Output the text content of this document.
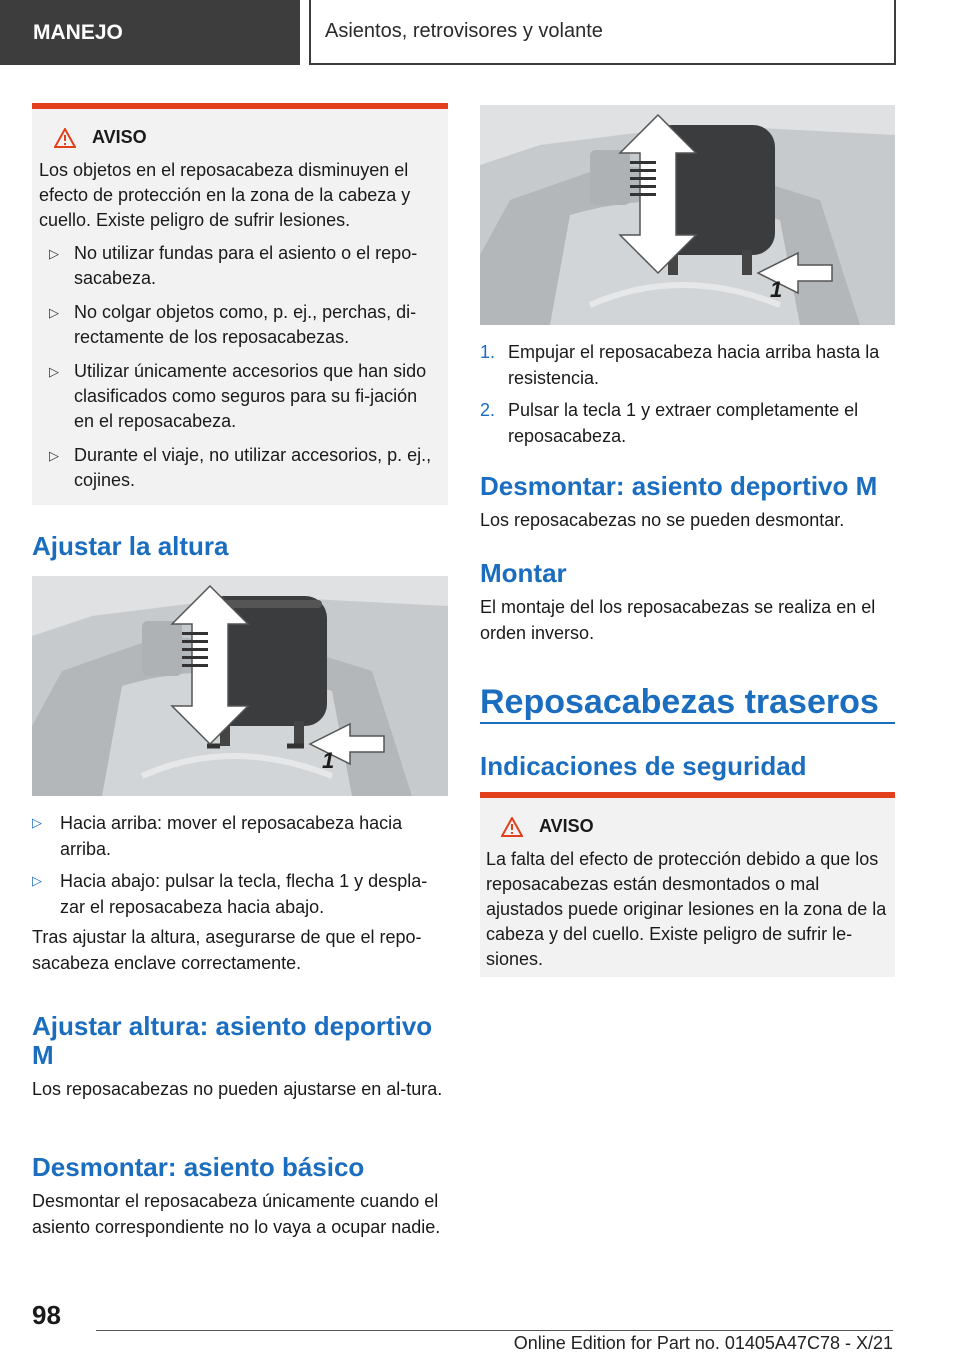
MANEJO	Asientos, retrovisores y volante
AVISO

Los objetos en el reposacabeza disminuyen el efecto de protección en la zona de la cabeza y cuello. Existe peligro de sufrir lesiones.

▷ No utilizar fundas para el asiento o el repo-sacabeza.
▷ No colgar objetos como, p. ej., perchas, di-rectamente de los reposacabezas.
▷ Utilizar únicamente accesorios que han sido clasificados como seguros para su fi-jación en el reposacabeza.
▷ Durante el viaje, no utilizar accesorios, p. ej., cojines.
Ajustar la altura
1
▷ Hacia arriba: mover el reposacabeza hacia arriba.
▷ Hacia abajo: pulsar la tecla, flecha 1 y despla-zar el reposacabeza hacia abajo.
Tras ajustar la altura, asegurarse de que el repo-sacabeza enclave correctamente.
Ajustar altura: asiento deportivo M
Los reposacabezas no pueden ajustarse en al-tura.
Desmontar: asiento básico
Desmontar el reposacabeza únicamente cuando el asiento correspondiente no lo vaya a ocupar nadie.
1
1. Empujar el reposacabeza hacia arriba hasta la resistencia.
2. Pulsar la tecla 1 y extraer completamente el reposacabeza.
Desmontar: asiento deportivo M
Los reposacabezas no se pueden desmontar.
Montar
El montaje del los reposacabezas se realiza en el orden inverso.
Reposacabezas traseros
Indicaciones de seguridad
AVISO

La falta del efecto de protección debido a que los reposacabezas están desmontados o mal ajustados puede originar lesiones en la zona de la cabeza y del cuello. Existe peligro de sufrir le-siones.

98
Online Edition for Part no. 01405A47C78 - X/21
